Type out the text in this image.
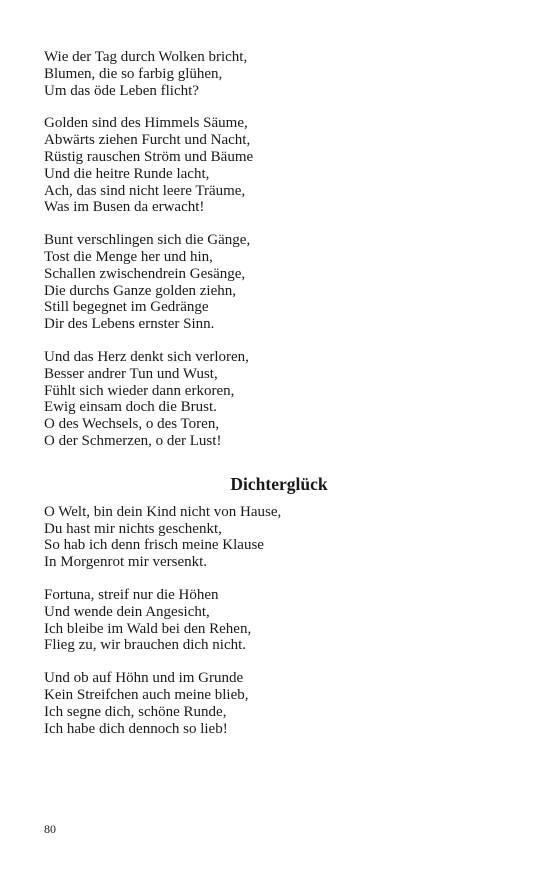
Wie der Tag durch Wolken bricht,
Blumen, die so farbig glühen,
Um das öde Leben flicht?
Golden sind des Himmels Säume,
Abwärts ziehen Furcht und Nacht,
Rüstig rauschen Ström und Bäume
Und die heitre Runde lacht,
Ach, das sind nicht leere Träume,
Was im Busen da erwacht!
Bunt verschlingen sich die Gänge,
Tost die Menge her und hin,
Schallen zwischendrein Gesänge,
Die durchs Ganze golden ziehn,
Still begegnet im Gedränge
Dir des Lebens ernster Sinn.
Und das Herz denkt sich verloren,
Besser andrer Tun und Wust,
Fühlt sich wieder dann erkoren,
Ewig einsam doch die Brust.
O des Wechsels, o des Toren,
O der Schmerzen, o der Lust!
Dichterglück
O Welt, bin dein Kind nicht von Hause,
Du hast mir nichts geschenkt,
So hab ich denn frisch meine Klause
In Morgenrot mir versenkt.
Fortuna, streif nur die Höhen
Und wende dein Angesicht,
Ich bleibe im Wald bei den Rehen,
Flieg zu, wir brauchen dich nicht.
Und ob auf Höhn und im Grunde
Kein Streifchen auch meine blieb,
Ich segne dich, schöne Runde,
Ich habe dich dennoch so lieb!
80
